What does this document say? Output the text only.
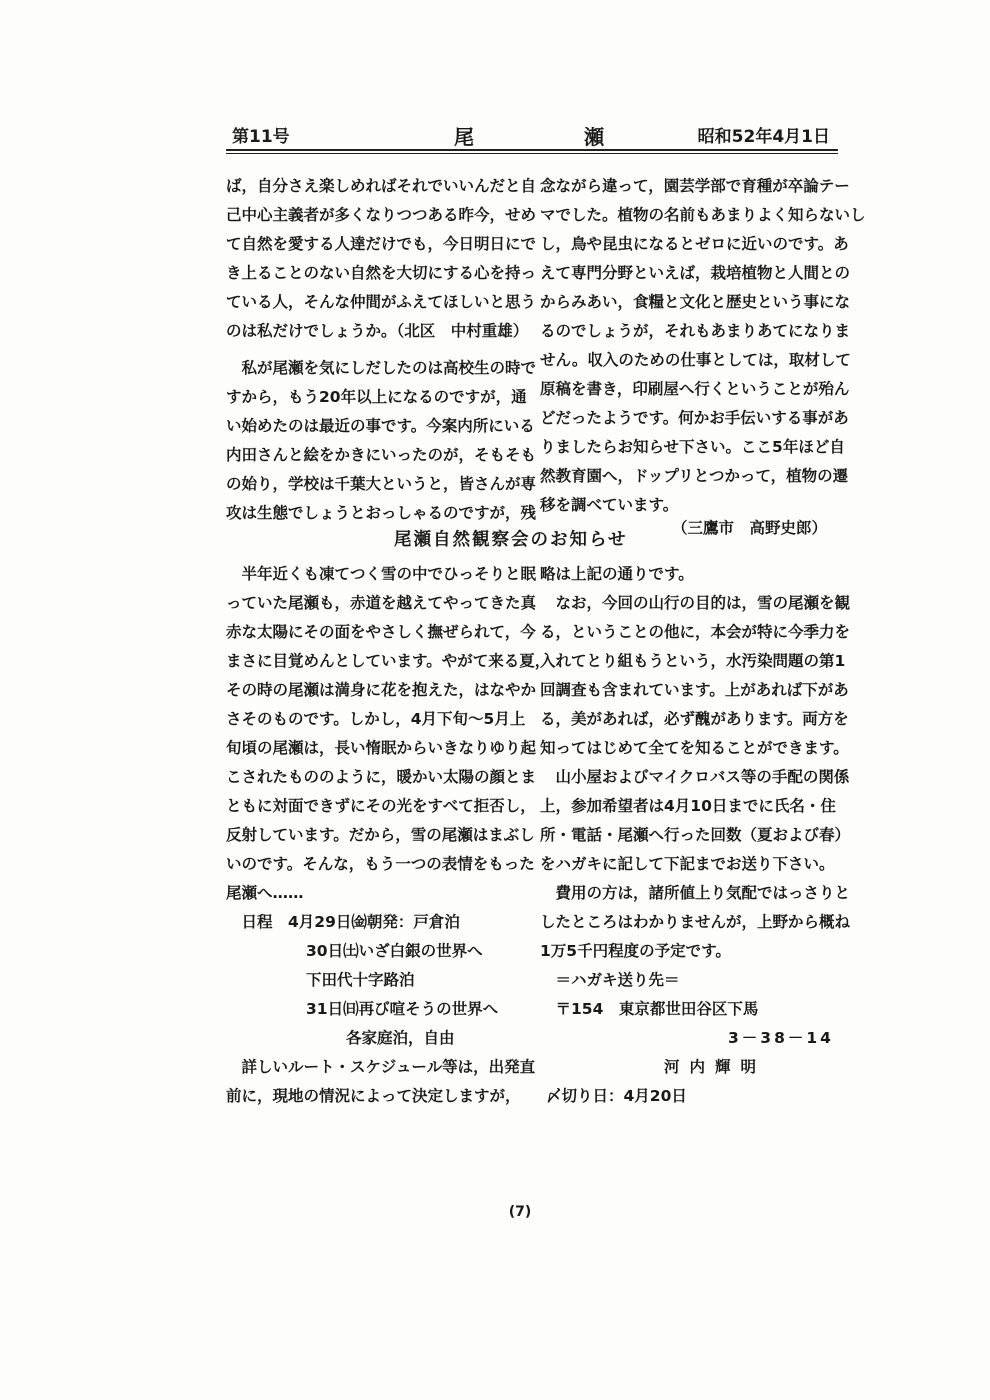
第11号	尾	瀬	昭和52年4月1日
ば，自分さえ楽しめればそれでいいんだと自
己中心主義者が多くなりつつある昨今，せめ
て自然を愛する人達だけでも，今日明日にで
き上ることのない自然を大切にする心を持っ
ている人，そんな仲間がふえてほしいと思う
のは私だけでしょうか。（北区　中村重雄）
　私が尾瀬を気にしだしたのは高校生の時で
すから，もう20年以上になるのですが，通
い始めたのは最近の事です。今案内所にいる
内田さんと絵をかきにいったのが，そもそも
の始り，学校は千葉大というと，皆さんが専
攻は生態でしょうとおっしゃるのですが，残
念ながら違って，園芸学部で育種が卒論テー
マでした。植物の名前もあまりよく知らないし
し，鳥や昆虫になるとゼロに近いのです。あ
えて専門分野といえば，栽培植物と人間との
からみあい，食糧と文化と歴史という事にな
るのでしょうが，それもあまりあてになりま
せん。収入のための仕事としては，取材して
原稿を書き，印刷屋へ行くということが殆ん
どだったようです。何かお手伝いする事があ
りましたらお知らせ下さい。ここ5年ほど自
然教育園へ，ドップリとつかって，植物の遷
移を調べています。
（三鷹市　高野史郎）
尾瀬自然観察会のお知らせ
　半年近くも凍てつく雪の中でひっそりと眠
っていた尾瀬も，赤道を越えてやってきた真
赤な太陽にその面をやさしく撫ぜられて，今
まさに目覚めんとしています。やがて来る夏，
その時の尾瀬は満身に花を抱えた，はなやか
さそのものです。しかし，4月下旬～5月上
旬頃の尾瀬は，長い惰眠からいきなりゆり起
こされたもののように，暖かい太陽の顔とま
ともに対面できずにその光をすべて拒否し，
反射しています。だから，雪の尾瀬はまぶし
いのです。そんな，もう一つの表情をもった
尾瀬へ……
　日程　4月29日㈮朝発：戸倉泊
30日㈯いざ白銀の世界へ
下田代十字路泊
31日㈰再び喧そうの世界へ
各家庭泊，自由
　詳しいルート・スケジュール等は，出発直
前に，現地の情況によって決定しますが，
略は上記の通りです。
　なお，今回の山行の目的は，雪の尾瀬を観
る，ということの他に，本会が特に今季力を
入れてとり組もうという，水汚染問題の第1
回調査も含まれています。上があれば下があ
る，美があれば，必ず醜があります。両方を
知ってはじめて全てを知ることができます。
　山小屋およびマイクロバス等の手配の関係
上，参加希望者は4月10日までに氏名・住
所・電話・尾瀬へ行った回数（夏および春）
をハガキに記して下記までお送り下さい。
　費用の方は，諸所値上り気配ではっさりと
したところはわかりませんが，上野から概ね
1万5千円程度の予定です。
　＝ハガキ送り先＝
　〒154　東京都世田谷区下馬
3－38－14
河内輝明
〆切り日：4月20日
(7)
